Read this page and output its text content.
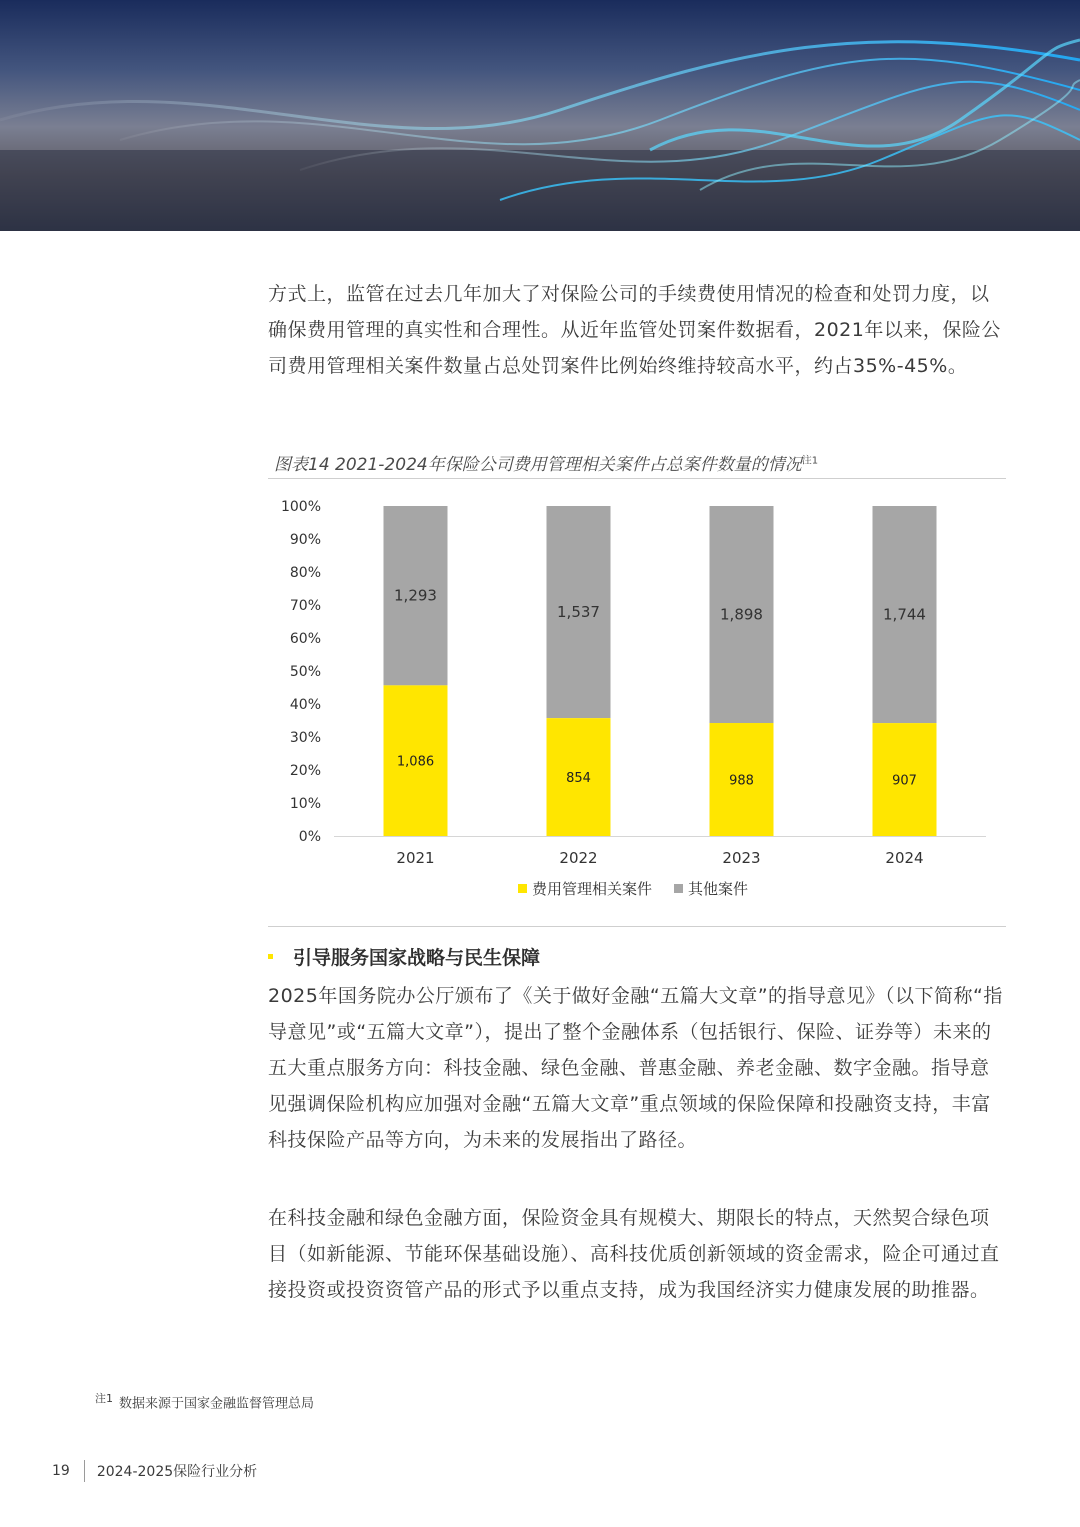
方式上，监管在过去几年加大了对保险公司的手续费使用情况的检查和处罚力度，以确保费用管理的真实性和合理性。从近年监管处罚案件数据看，2021年以来，保险公司费用管理相关案件数量占总处罚案件比例始终维持较高水平，约占35%-45%。

图表14 2021-2024年保险公司费用管理相关案件占总案件数量的情况$^{注1}$
0%
10%
20%
30%
40%
50%
60%
70%
80%
90%
100%
1,293
1,086
2021
1,537
854
2022
1,898
988
2023
1,744
907
2024
费用管理相关案件 其他案件
引导服务国家战略与民生保障

2025年国务院办公厅颁布了《关于做好金融“五篇大文章”的指导意见》（以下简称“指导意见”或“五篇大文章”），提出了整个金融体系（包括银行、保险、证券等）未来的五大重点服务方向：科技金融、绿色金融、普惠金融、养老金融、数字金融。指导意见强调保险机构应加强对金融“五篇大文章”重点领域的保险保障和投融资支持，丰富科技保险产品等方向，为未来的发展指出了路径。

在科技金融和绿色金融方面，保险资金具有规模大、期限长的特点，天然契合绿色项目（如新能源、节能环保基础设施）、高科技优质创新领域的资金需求，险企可通过直接投资或投资资管产品的形式予以重点支持，成为我国经济实力健康发展的助推器。

$^{注1}$ 数据来源于国家金融监督管理总局
19 2024-2025保险行业分析
